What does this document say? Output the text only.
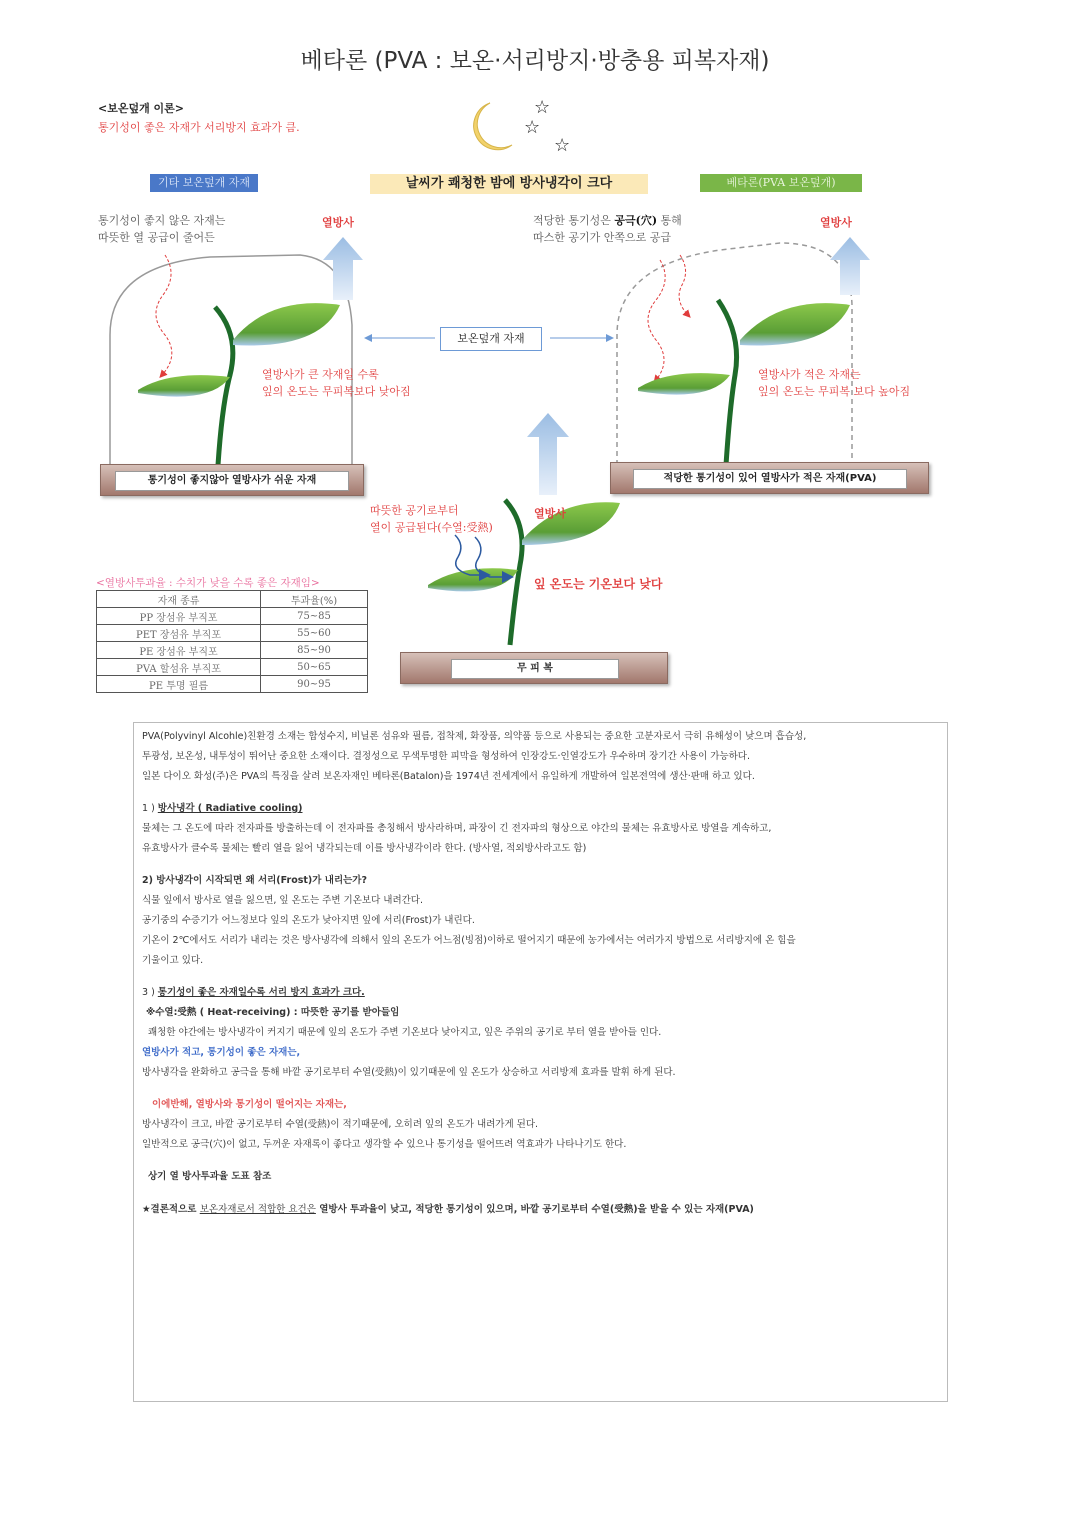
베타론 (PVA : 보온·서리방지·방충용 피복자재)
<보온덮개 이론>
통기성이 좋은 자재가 서리방지 효과가 큼.
☆
☆
☆
기타 보온덮개 자재	날씨가 쾌청한 밤에 방사냉각이 크다	베타론(PVA 보온덮개)
통기성이 좋지 않은 자재는
따뜻한 열 공급이 줄어든
열방사	적당한 통기성은 공극(穴) 통해
따스한 공기가 안쪽으로 공급
열방사
보온덮개 자재
열방사가 큰 자재일 수록
잎의 온도는 무피복보다 낮아짐
열방사가 적은 자재는
잎의 온도는 무피복 보다 높아짐
통기성이 좋지않아 열방사가 쉬운 자재	적당한 통기성이 있어 열방사가 적은 자재(PVA)
무 피 복
따뜻한 공기로부터
열이 공급된다(수열:受熱)
열방사
잎 온도는 기온보다 낮다
<열방사투과율 : 수치가 낮을 수록 좋은 자재임>
자재 종류	투과율(%)
PP 장섬유 부직포	75~85
PET 장섬유 부직포	55~60
PE 장섬유 부직포	85~90
PVA 할섬유 부직포	50~65
PE 투명 필름	90~95
PVA(Polyvinyl Alcohle)친환경 소재는 합성수지, 비닐론 섬유와 필름, 접착제, 화장품, 의약품 등으로 사용되는 중요한 고분자로서 극히 유해성이 낮으며 흡습성,
투광성, 보온성, 내투성이 뛰어난 중요한 소재이다. 결정성으로 무색투명한 피막을 형성하여 인장강도·인열강도가 우수하며 장기간 사용이 가능하다.
일본 다이오 화성(주)은 PVA의 특징을 살려 보온자재인 베타론(Batalon)을 1974년 전세계에서 유일하게 개발하여 일본전역에 생산·판매 하고 있다.
1 ) 방사냉각 ( Radiative cooling)
물체는 그 온도에 따라 전자파를 방출하는데 이 전자파를 총칭해서 방사라하며, 파장이 긴 전자파의 형상으로 야간의 물체는 유효방사로 방열을 계속하고,
유효방사가 클수록 물체는 빨리 열을 잃어 냉각되는데 이를 방사냉각이라 한다. (방사열, 적외방사라고도 함)
2) 방사냉각이 시작되면 왜 서리(Frost)가 내리는가?
식물 잎에서 방사로 열을 잃으면, 잎 온도는 주변 기온보다 내려간다.
공기중의 수증기가 어느정보다 잎의 온도가 낮아지면 잎에 서리(Frost)가 내린다.
기온이 2℃에서도 서리가 내리는 것은 방사냉각에 의해서 잎의 온도가 어느점(빙점)이하로 떨어지기 때문에 농가에서는 여러가지 방법으로 서리방지에 온 힘을
기울이고 있다.
3 ) 통기성이 좋은 자재일수록 서리 방지 효과가 크다.
※수열:受熱 ( Heat-receiving) : 따뜻한 공기를 받아들임
쾌청한 야간에는 방사냉각이 커지기 때문에 잎의 온도가 주변 기온보다 낮아지고, 잎은 주위의 공기로 부터 열을 받아들 인다.
열방사가 적고, 통기성이 좋은 자재는,
방사냉각을 완화하고 공극을 통해 바깥 공기로부터 수열(受熱)이 있기때문에 잎 온도가 상승하고 서리방제 효과를 발휘 하게 된다.
이에반해, 열방사와 통기성이 떨어지는 자재는,
방사냉각이 크고, 바깥 공기로부터 수열(受熱)이 적기때문에, 오히려 잎의 온도가 내려가게 된다.
일반적으로 공극(穴)이 없고, 두꺼운 자재록이 좋다고 생각할 수 있으나 통기성을 떨어뜨려 역효과가 나타나기도 한다.
상기 열 방사투과율 도표 참조
★결론적으로 보온자재로서 적합한 요건은 열방사 투과율이 낮고, 적당한 통기성이 있으며, 바깥 공기로부터 수열(受熱)을 받을 수 있는 자재(PVA)
